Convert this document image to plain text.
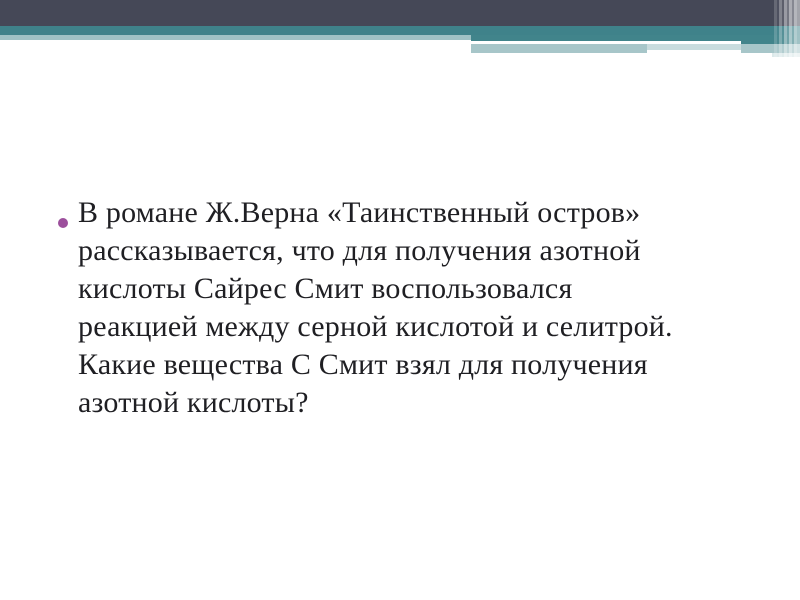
В романе Ж.Верна «Таинственный остров»
рассказывается, что для получения азотной
кислоты Сайрес Смит воспользовался
реакцией между серной кислотой и селитрой.
Какие вещества С Смит взял для получения
азотной кислоты?
